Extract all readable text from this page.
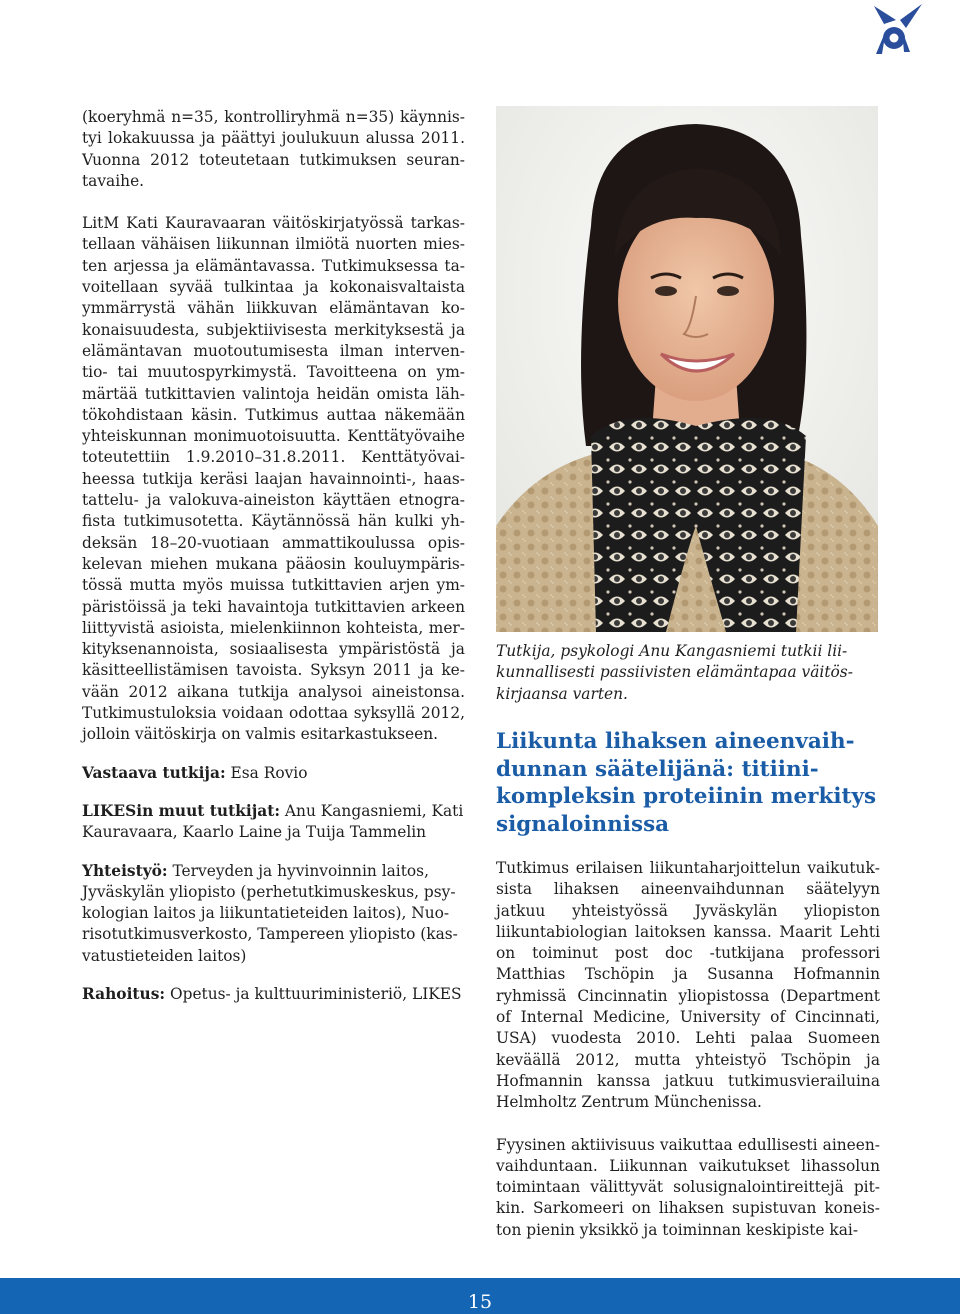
(koeryhmä n=35, kontrolliryhmä n=35) käynnistyi lokakuussa ja päättyi joulukuun alussa 2011. Vuonna 2012 toteutetaan tutkimuksen seurantavaihe.

LitM Kati Kauravaaran väitöskirjatyössä tarkastellaan vähäisen liikunnan ilmiötä nuorten miesten arjessa ja elämäntavassa. Tutkimuksessa tavoitellaan syvää tulkintaa ja kokonaisvaltaista ymmärrystä vähän liikkuvan elämäntavan kokonaisuudesta, subjektiivisesta merkityksestä ja elämäntavan muotoutumisesta ilman interventio- tai muutospyrkimystä. Tavoitteena on ymmärtää tutkittavien valintoja heidän omista lähtökohdistaan käsin. Tutkimus auttaa näkemään yhteiskunnan monimuotoisuutta. Kenttätyövaihe toteutettiin 1.9.2010–31.8.2011. Kenttätyövaiheessa tutkija keräsi laajan havainnointi-, haastattelu- ja valokuva-aineiston käyttäen etnografista tutkimusotetta. Käytännössä hän kulki yhdeksän 18–20-vuotiaan ammattikoulussa opiskelevan miehen mukana pääosin kouluympäristössä mutta myös muissa tutkittavien arjen ympäristöissä ja teki havaintoja tutkittavien arkeen liittyvistä asioista, mielenkiinnon kohteista, merkityksenannoista, sosiaalisesta ympäristöstä ja käsitteellistämisen tavoista. Syksyn 2011 ja kevään 2012 aikana tutkija analysoi aineistonsa. Tutkimustuloksia voidaan odottaa syksyllä 2012, jolloin väitöskirja on valmis esitarkastukseen.

Vastaava tutkija: Esa Rovio

LIKESin muut tutkijat: Anu Kangasniemi, Kati Kauravaara, Kaarlo Laine ja Tuija Tammelin

Yhteistyö: Terveyden ja hyvinvoinnin laitos, Jyväskylän yliopisto (perhetutkimuskeskus, psykologian laitos ja liikuntatieteiden laitos), Nuorisotutkimusverkosto, Tampereen yliopisto (kasvatustieteiden laitos)

Rahoitus: Opetus- ja kulttuuriministeriö, LIKES

Tutkija, psykologi Anu Kangasniemi tutkii liikunnallisesti passiivisten elämäntapaa väitöskirjaansa varten.

Liikunta lihaksen aineenvaihdunnan säätelijänä: titiinikompleksin proteiinin merkitys signaloinnissa

Tutkimus erilaisen liikuntaharjoittelun vaikutuksista lihaksen aineenvaihdunnan säätelyyn jatkuu yhteistyössä Jyväskylän yliopiston liikuntabiologian laitoksen kanssa. Maarit Lehti on toiminut post doc -tutkijana professori Matthias Tschöpin ja Susanna Hofmannin ryhmissä Cincinnatin yliopistossa (Department of Internal Medicine, University of Cincinnati, USA) vuodesta 2010. Lehti palaa Suomeen keväällä 2012, mutta yhteistyö Tschöpin ja Hofmannin kanssa jatkuu tutkimusvierailuina Helmholtz Zentrum Münchenissa.

Fyysinen aktiivisuus vaikuttaa edullisesti aineenvaihduntaan. Liikunnan vaikutukset lihassolun toimintaan välittyvät solusignalointireittejä pitkin. Sarkomeeri on lihaksen supistuvan koneiston pienin yksikkö ja toiminnan keskipiste kai-

15
